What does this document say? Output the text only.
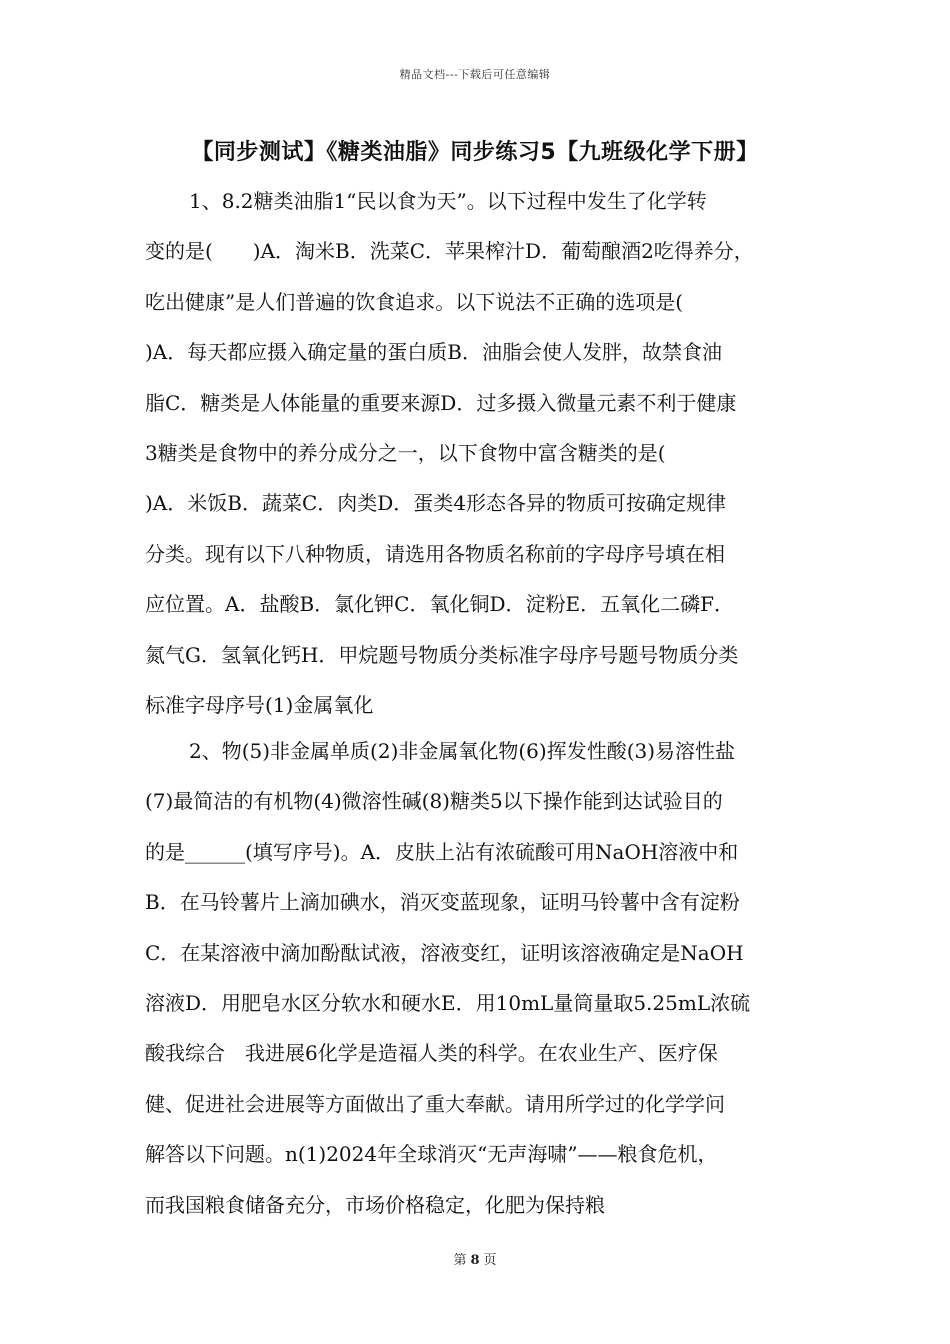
精品文档---下载后可任意编辑
【同步测试】《糖类油脂》同步练习5【九班级化学下册】
1、8.2糖类油脂1“民以食为天”。以下过程中发生了化学转
变的是(　　)A．淘米B．洗菜C．苹果榨汁D．葡萄酿酒2吃得养分，
吃出健康”是人们普遍的饮食追求。以下说法不正确的选项是(
)A．每天都应摄入确定量的蛋白质B．油脂会使人发胖，故禁食油
脂C．糖类是人体能量的重要来源D．过多摄入微量元素不利于健康
3糖类是食物中的养分成分之一，以下食物中富含糖类的是(
)A．米饭B．蔬菜C．肉类D．蛋类4形态各异的物质可按确定规律
分类。现有以下八种物质，请选用各物质名称前的字母序号填在相
应位置。A．盐酸B．氯化钾C．氧化铜D．淀粉E．五氧化二磷F．
氮气G．氢氧化钙H．甲烷题号物质分类标准字母序号题号物质分类
标准字母序号(1)金属氧化
2、物(5)非金属单质(2)非金属氧化物(6)挥发性酸(3)易溶性盐
(7)最简洁的有机物(4)微溶性碱(8)糖类5以下操作能到达试验目的
的是______(填写序号)。A．皮肤上沾有浓硫酸可用NaOH溶液中和
B．在马铃薯片上滴加碘水，消灭变蓝现象，证明马铃薯中含有淀粉
C．在某溶液中滴加酚酞试液，溶液变红，证明该溶液确定是NaOH
溶液D．用肥皂水区分软水和硬水E．用10mL量筒量取5.25mL浓硫
酸我综合　我进展6化学是造福人类的科学。在农业生产、医疗保
健、促进社会进展等方面做出了重大奉献。请用所学过的化学学问
解答以下问题。n(1)2024年全球消灭“无声海啸”——粮食危机，
而我国粮食储备充分，市场价格稳定，化肥为保持粮
第 8 页
